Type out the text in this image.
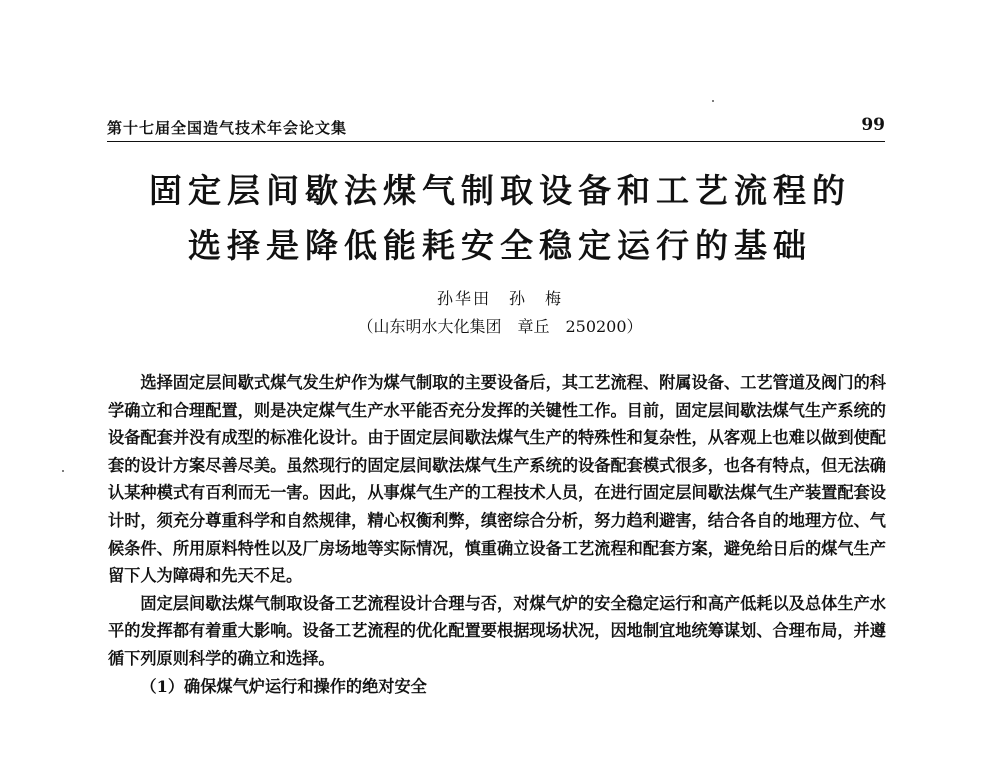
第十七届全国造气技术年会论文集	99
固定层间歇法煤气制取设备和工艺流程的
选择是降低能耗安全稳定运行的基础
孙华田　孙　梅
（山东明水大化集团　章丘　250200）

选择固定层间歇式煤气发生炉作为煤气制取的主要设备后，其工艺流程、附属设备、工艺管道及阀门的科学确立和合理配置，则是决定煤气生产水平能否充分发挥的关键性工作。目前，固定层间歇法煤气生产系统的设备配套并没有成型的标准化设计。由于固定层间歇法煤气生产的特殊性和复杂性，从客观上也难以做到使配套的设计方案尽善尽美。虽然现行的固定层间歇法煤气生产系统的设备配套模式很多，也各有特点，但无法确认某种模式有百利而无一害。因此，从事煤气生产的工程技术人员，在进行固定层间歇法煤气生产装置配套设计时，须充分尊重科学和自然规律，精心权衡利弊，缜密综合分析，努力趋利避害，结合各自的地理方位、气候条件、所用原料特性以及厂房场地等实际情况，慎重确立设备工艺流程和配套方案，避免给日后的煤气生产留下人为障碍和先天不足。

固定层间歇法煤气制取设备工艺流程设计合理与否，对煤气炉的安全稳定运行和高产低耗以及总体生产水平的发挥都有着重大影响。设备工艺流程的优化配置要根据现场状况，因地制宜地统筹谋划、合理布局，并遵循下列原则科学的确立和选择。

（1）确保煤气炉运行和操作的绝对安全
